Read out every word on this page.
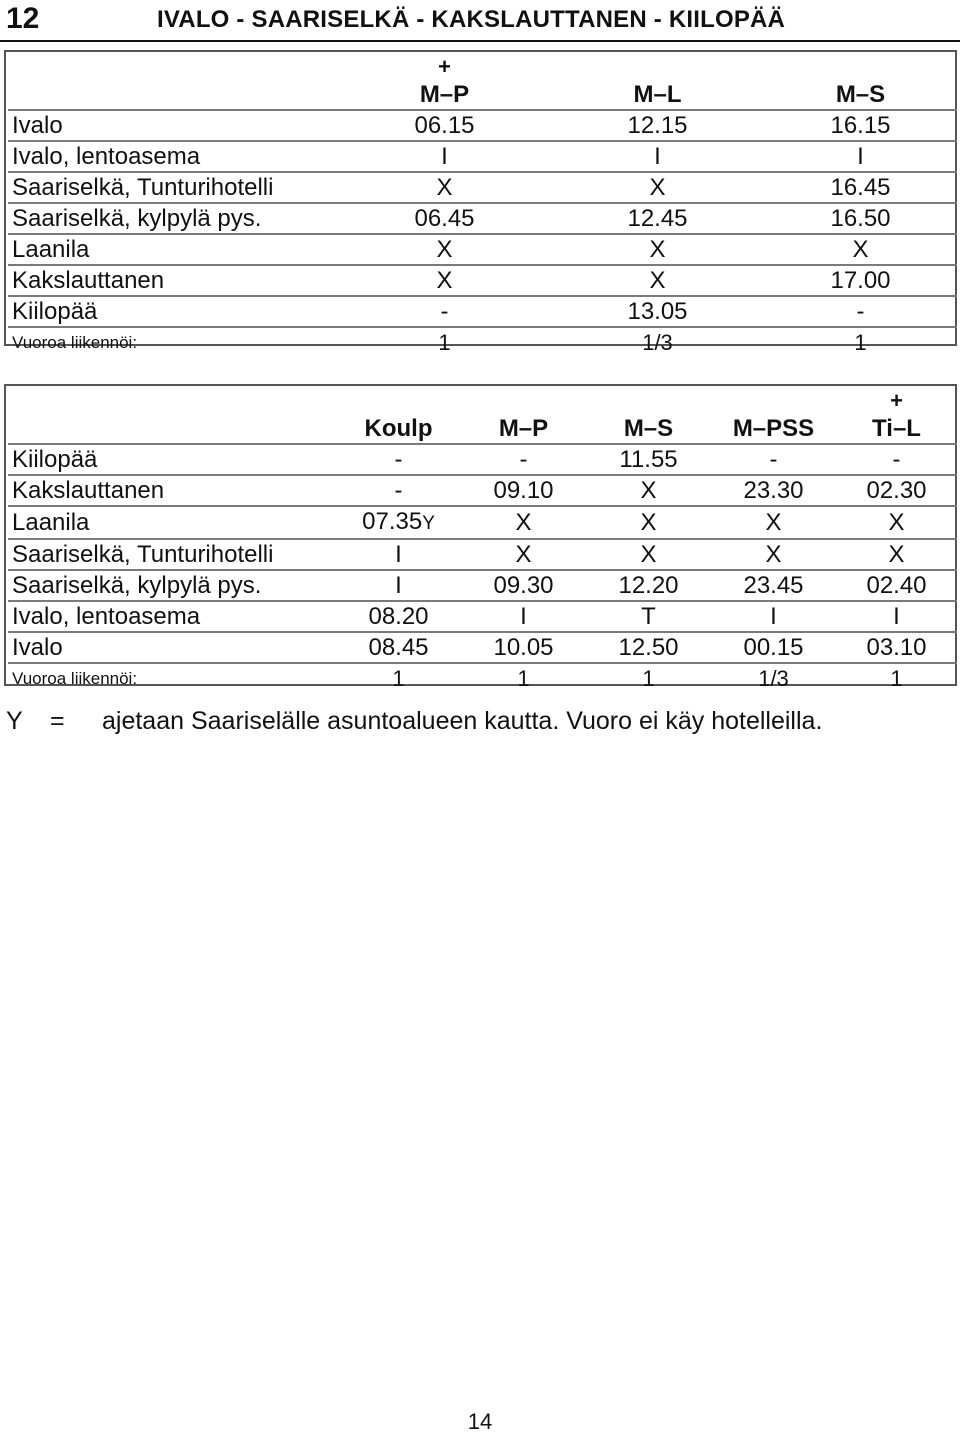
12	IVALO - SAARISELKÄ - KAKSLAUTTANEN - KIILOPÄÄ
	+		
	M–P	M–L	M–S
Ivalo	06.15	12.15	16.15
Ivalo, lentoasema	I	I	I
Saariselkä, Tunturihotelli	X	X	16.45
Saariselkä, kylpylä pys.	06.45	12.45	16.50
Laanila	X	X	X
Kakslauttanen	X	X	17.00
Kiilopää	-	13.05	-
Vuoroa liikennöi:	1	1/3	1
					+
	Koulp	M–P	M–S	M–PSS	Ti–L
Kiilopää	-	-	11.55	-	-
Kakslauttanen	-	09.10	X	23.30	02.30
Laanila	07.35Y	X	X	X	X
Saariselkä, Tunturihotelli	I	X	X	X	X
Saariselkä, kylpylä pys.	I	09.30	12.20	23.45	02.40
Ivalo, lentoasema	08.20	I	T	I	I
Ivalo	08.45	10.05	12.50	00.15	03.10
Vuoroa liikennöi:	1	1	1	1/3	1
Y = ajetaan Saariselälle asuntoalueen kautta. Vuoro ei käy hotelleilla.
14
